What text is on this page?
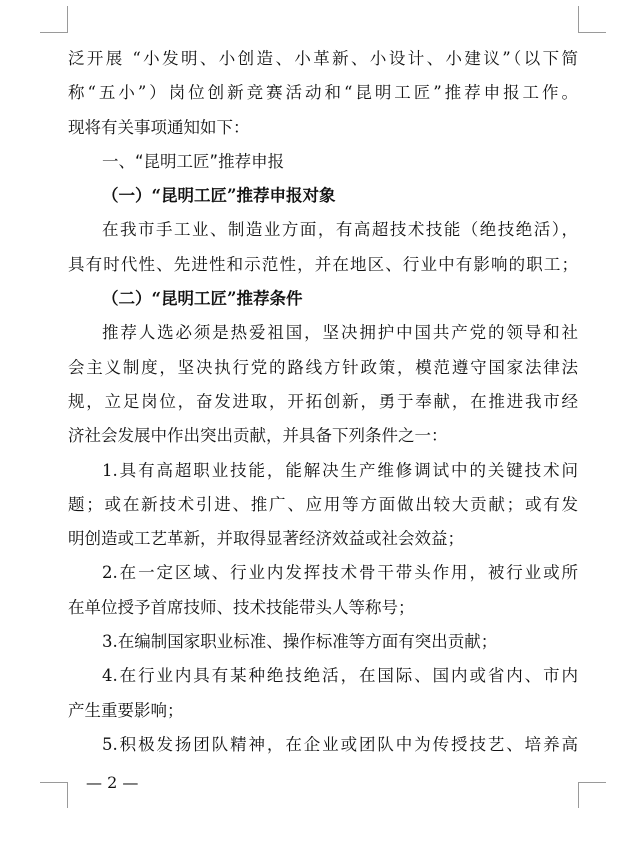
泛开展 “小发明、小创造、小革新、小设计、小建议”（以下简
称“五小”）岗位创新竞赛活动和“昆明工匠”推荐申报工作。
现将有关事项通知如下：
一、“昆明工匠”推荐申报
（一）“昆明工匠”推荐申报对象
在我市手工业、制造业方面，有高超技术技能（绝技绝活），
具有时代性、先进性和示范性，并在地区、行业中有影响的职工；
（二）“昆明工匠”推荐条件
推荐人选必须是热爱祖国，坚决拥护中国共产党的领导和社
会主义制度，坚决执行党的路线方针政策，模范遵守国家法律法
规，立足岗位，奋发进取，开拓创新，勇于奉献，在推进我市经
济社会发展中作出突出贡献，并具备下列条件之一：
1.具有高超职业技能，能解决生产维修调试中的关键技术问
题；或在新技术引进、推广、应用等方面做出较大贡献；或有发
明创造或工艺革新，并取得显著经济效益或社会效益；
2.在一定区域、行业内发挥技术骨干带头作用，被行业或所
在单位授予首席技师、技术技能带头人等称号；
3.在编制国家职业标准、操作标准等方面有突出贡献；
4.在行业内具有某种绝技绝活，在国际、国内或省内、市内
产生重要影响；
5.积极发扬团队精神，在企业或团队中为传授技艺、培养高
— 2 —
